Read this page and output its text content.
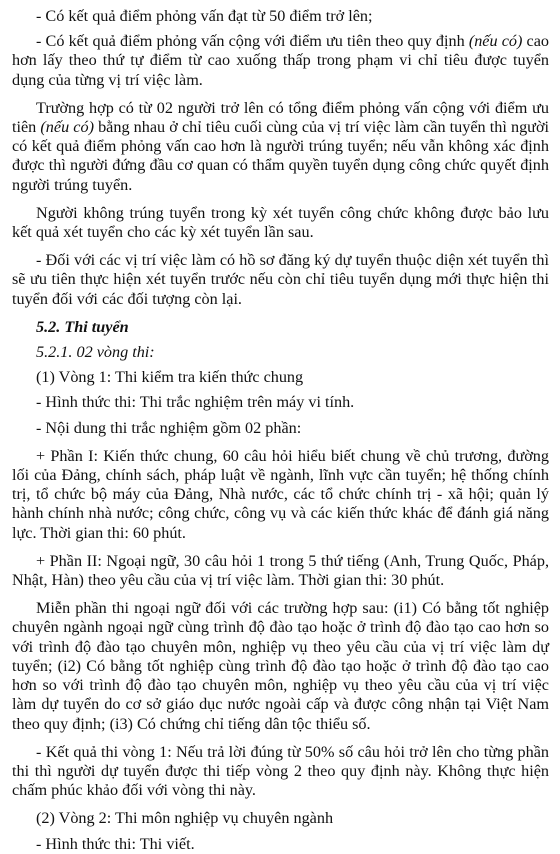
- Có kết quả điểm phỏng vấn đạt từ 50 điểm trở lên;

- Có kết quả điểm phỏng vấn cộng với điểm ưu tiên theo quy định (nếu có) cao hơn lấy theo thứ tự điểm từ cao xuống thấp trong phạm vi chỉ tiêu được tuyển dụng của từng vị trí việc làm.

Trường hợp có từ 02 người trở lên có tổng điểm phỏng vấn cộng với điểm ưu tiên (nếu có) bằng nhau ở chỉ tiêu cuối cùng của vị trí việc làm cần tuyển thì người có kết quả điểm phỏng vấn cao hơn là người trúng tuyển; nếu vẫn không xác định được thì người đứng đầu cơ quan có thẩm quyền tuyển dụng công chức quyết định người trúng tuyển.

Người không trúng tuyển trong kỳ xét tuyển công chức không được bảo lưu kết quả xét tuyển cho các kỳ xét tuyển lần sau.

- Đối với các vị trí việc làm có hồ sơ đăng ký dự tuyển thuộc diện xét tuyển thì sẽ ưu tiên thực hiện xét tuyển trước nếu còn chỉ tiêu tuyển dụng mới thực hiện thi tuyển đối với các đối tượng còn lại.

5.2. Thi tuyển

5.2.1. 02 vòng thi:

(1) Vòng 1: Thi kiểm tra kiến thức chung

- Hình thức thi: Thi trắc nghiệm trên máy vi tính.

- Nội dung thi trắc nghiệm gồm 02 phần:

+ Phần I: Kiến thức chung, 60 câu hỏi hiểu biết chung về chủ trương, đường lối của Đảng, chính sách, pháp luật về ngành, lĩnh vực cần tuyển; hệ thống chính trị, tổ chức bộ máy của Đảng, Nhà nước, các tổ chức chính trị - xã hội; quản lý hành chính nhà nước; công chức, công vụ và các kiến thức khác để đánh giá năng lực. Thời gian thi: 60 phút.

+ Phần II: Ngoại ngữ, 30 câu hỏi 1 trong 5 thứ tiếng (Anh, Trung Quốc, Pháp, Nhật, Hàn) theo yêu cầu của vị trí việc làm. Thời gian thi: 30 phút.

Miễn phần thi ngoại ngữ đối với các trường hợp sau: (i1) Có bằng tốt nghiệp chuyên ngành ngoại ngữ cùng trình độ đào tạo hoặc ở trình độ đào tạo cao hơn so với trình độ đào tạo chuyên môn, nghiệp vụ theo yêu cầu của vị trí việc làm dự tuyển; (i2) Có bằng tốt nghiệp cùng trình độ đào tạo hoặc ở trình độ đào tạo cao hơn so với trình độ đào tạo chuyên môn, nghiệp vụ theo yêu cầu của vị trí việc làm dự tuyển do cơ sở giáo dục nước ngoài cấp và được công nhận tại Việt Nam theo quy định; (i3) Có chứng chỉ tiếng dân tộc thiểu số.

- Kết quả thi vòng 1: Nếu trả lời đúng từ 50% số câu hỏi trở lên cho từng phần thi thì người dự tuyển được thi tiếp vòng 2 theo quy định này. Không thực hiện chấm phúc khảo đối với vòng thi này.

(2) Vòng 2: Thi môn nghiệp vụ chuyên ngành

- Hình thức thi: Thi viết.
